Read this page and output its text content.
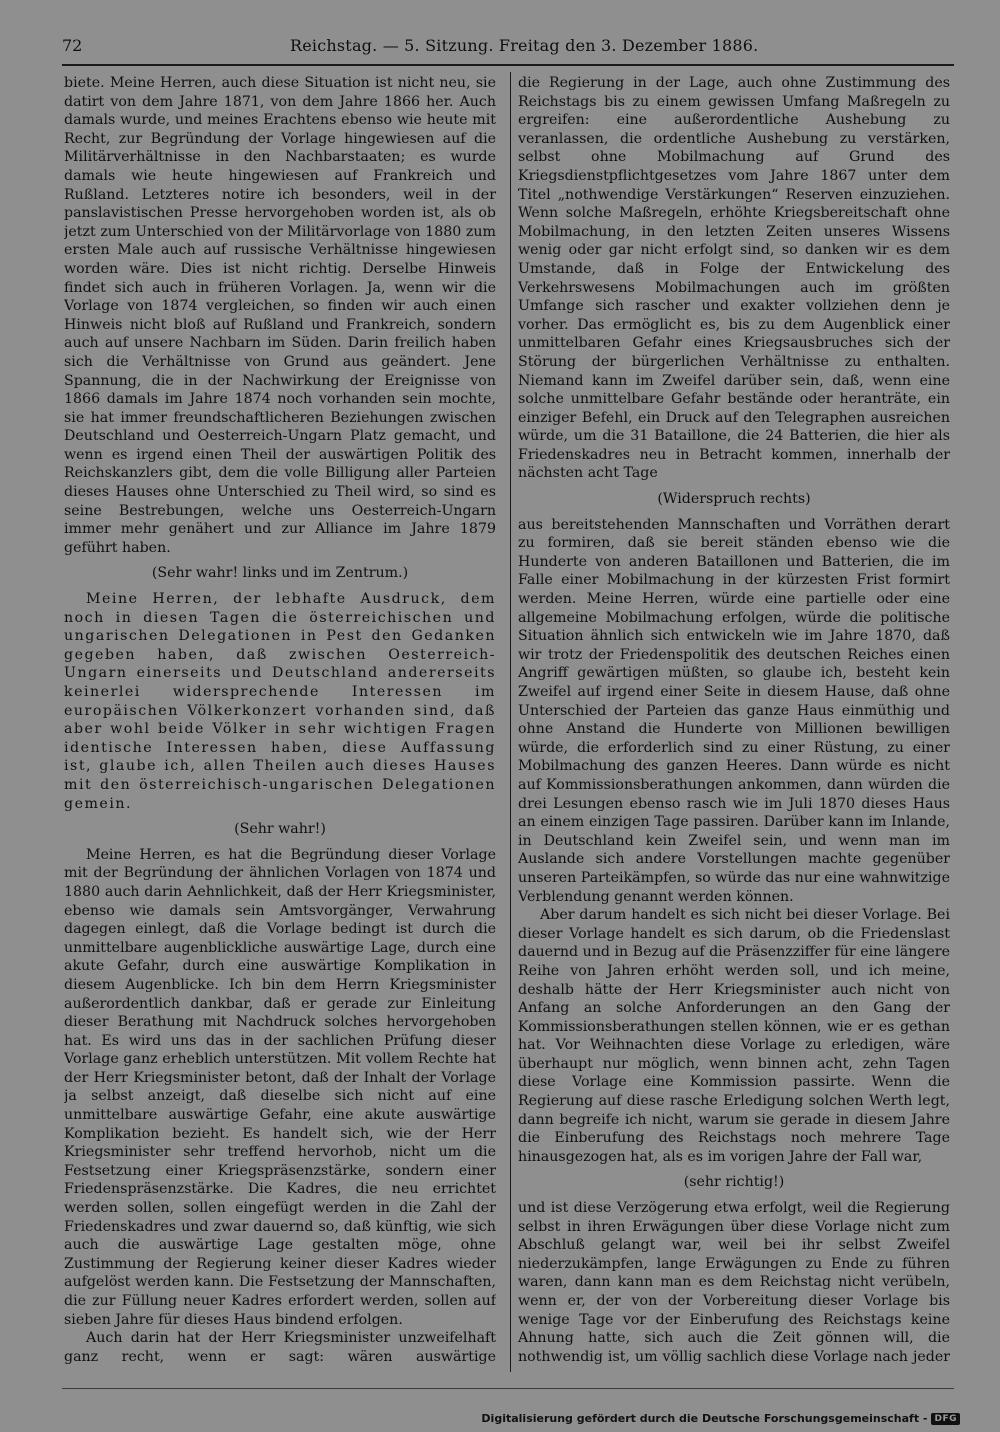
72	Reichstag. — 5. Sitzung. Freitag den 3. Dezember 1886.

biete. Meine Herren, auch diese Situation ist nicht neu, sie datirt von dem Jahre 1871, von dem Jahre 1866 her. Auch damals wurde, und meines Erachtens ebenso wie heute mit Recht, zur Begründung der Vorlage hingewiesen auf die Militärverhältnisse in den Nachbarstaaten; es wurde damals wie heute hingewiesen auf Frankreich und Rußland. Letzteres notire ich besonders, weil in der panslavistischen Presse hervorgehoben worden ist, als ob jetzt zum Unterschied von der Militärvorlage von 1880 zum ersten Male auch auf russische Verhältnisse hingewiesen worden wäre. Dies ist nicht richtig. Derselbe Hinweis findet sich auch in früheren Vorlagen. Ja, wenn wir die Vorlage von 1874 vergleichen, so finden wir auch einen Hinweis nicht bloß auf Rußland und Frankreich, sondern auch auf unsere Nachbarn im Süden. Darin freilich haben sich die Verhältnisse von Grund aus geändert. Jene Spannung, die in der Nachwirkung der Ereignisse von 1866 damals im Jahre 1874 noch vorhanden sein mochte, sie hat immer freundschaftlicheren Beziehungen zwischen Deutschland und Oesterreich-Ungarn Platz gemacht, und wenn es irgend einen Theil der auswärtigen Politik des Reichskanzlers gibt, dem die volle Billigung aller Parteien dieses Hauses ohne Unterschied zu Theil wird, so sind es seine Bestrebungen, welche uns Oesterreich-Ungarn immer mehr genähert und zur Alliance im Jahre 1879 geführt haben.

(Sehr wahr! links und im Zentrum.)

Meine Herren, der lebhafte Ausdruck, dem noch in diesen Tagen die österreichischen und ungarischen Delegationen in Pest den Gedanken gegeben haben, daß zwischen Oesterreich-Ungarn einerseits und Deutschland andererseits keinerlei widersprechende Interessen im europäischen Völkerkonzert vorhanden sind, daß aber wohl beide Völker in sehr wichtigen Fragen identische Interessen haben, diese Auffassung ist, glaube ich, allen Theilen auch dieses Hauses mit den österreichisch-ungarischen Delegationen gemein.

(Sehr wahr!)

Meine Herren, es hat die Begründung dieser Vorlage mit der Begründung der ähnlichen Vorlagen von 1874 und 1880 auch darin Aehnlichkeit, daß der Herr Kriegsminister, ebenso wie damals sein Amtsvorgänger, Verwahrung dagegen einlegt, daß die Vorlage bedingt ist durch die unmittelbare augenblickliche auswärtige Lage, durch eine akute Gefahr, durch eine auswärtige Komplikation in diesem Augenblicke. Ich bin dem Herrn Kriegsminister außerordentlich dankbar, daß er gerade zur Einleitung dieser Berathung mit Nachdruck solches hervorgehoben hat. Es wird uns das in der sachlichen Prüfung dieser Vorlage ganz erheblich unterstützen. Mit vollem Rechte hat der Herr Kriegsminister betont, daß der Inhalt der Vorlage ja selbst anzeigt, daß dieselbe sich nicht auf eine unmittelbare auswärtige Gefahr, eine akute auswärtige Komplikation bezieht. Es handelt sich, wie der Herr Kriegsminister sehr treffend hervorhob, nicht um die Festsetzung einer Kriegspräsenzstärke, sondern einer Friedenspräsenzstärke. Die Kadres, die neu errichtet werden sollen, sollen eingefügt werden in die Zahl der Friedenskadres und zwar dauernd so, daß künftig, wie sich auch die auswärtige Lage gestalten möge, ohne Zustimmung der Regierung keiner dieser Kadres wieder aufgelöst werden kann. Die Festsetzung der Mannschaften, die zur Füllung neuer Kadres erfordert werden, sollen auf sieben Jahre für dieses Haus bindend erfolgen.

Auch darin hat der Herr Kriegsminister unzweifelhaft ganz recht, wenn er sagt: wären auswärtige

die Regierung in der Lage, auch ohne Zustimmung des Reichstags bis zu einem gewissen Umfang Maßregeln zu ergreifen: eine außerordentliche Aushebung zu veranlassen, die ordentliche Aushebung zu verstärken, selbst ohne Mobilmachung auf Grund des Kriegsdienstpflichtgesetzes vom Jahre 1867 unter dem Titel „nothwendige Verstärkungen“ Reserven einzuziehen. Wenn solche Maßregeln, erhöhte Kriegsbereitschaft ohne Mobilmachung, in den letzten Zeiten unseres Wissens wenig oder gar nicht erfolgt sind, so danken wir es dem Umstande, daß in Folge der Entwickelung des Verkehrswesens Mobilmachungen auch im größten Umfange sich rascher und exakter vollziehen denn je vorher. Das ermöglicht es, bis zu dem Augenblick einer unmittelbaren Gefahr eines Kriegsausbruches sich der Störung der bürgerlichen Verhältnisse zu enthalten. Niemand kann im Zweifel darüber sein, daß, wenn eine solche unmittelbare Gefahr bestände oder heranträte, ein einziger Befehl, ein Druck auf den Telegraphen ausreichen würde, um die 31 Bataillone, die 24 Batterien, die hier als Friedenskadres neu in Betracht kommen, innerhalb der nächsten acht Tage

(Widerspruch rechts)

aus bereitstehenden Mannschaften und Vorräthen derart zu formiren, daß sie bereit ständen ebenso wie die Hunderte von anderen Bataillonen und Batterien, die im Falle einer Mobilmachung in der kürzesten Frist formirt werden. Meine Herren, würde eine partielle oder eine allgemeine Mobilmachung erfolgen, würde die politische Situation ähnlich sich entwickeln wie im Jahre 1870, daß wir trotz der Friedenspolitik des deutschen Reiches einen Angriff gewärtigen müßten, so glaube ich, besteht kein Zweifel auf irgend einer Seite in diesem Hause, daß ohne Unterschied der Parteien das ganze Haus einmüthig und ohne Anstand die Hunderte von Millionen bewilligen würde, die erforderlich sind zu einer Rüstung, zu einer Mobilmachung des ganzen Heeres. Dann würde es nicht auf Kommissionsberathungen ankommen, dann würden die drei Lesungen ebenso rasch wie im Juli 1870 dieses Haus an einem einzigen Tage passiren. Darüber kann im Inlande, in Deutschland kein Zweifel sein, und wenn man im Auslande sich andere Vorstellungen machte gegenüber unseren Parteikämpfen, so würde das nur eine wahnwitzige Verblendung genannt werden können.

Aber darum handelt es sich nicht bei dieser Vorlage. Bei dieser Vorlage handelt es sich darum, ob die Friedenslast dauernd und in Bezug auf die Präsenzziffer für eine längere Reihe von Jahren erhöht werden soll, und ich meine, deshalb hätte der Herr Kriegsminister auch nicht von Anfang an solche Anforderungen an den Gang der Kommissionsberathungen stellen können, wie er es gethan hat. Vor Weihnachten diese Vorlage zu erledigen, wäre überhaupt nur möglich, wenn binnen acht, zehn Tagen diese Vorlage eine Kommission passirte. Wenn die Regierung auf diese rasche Erledigung solchen Werth legt, dann begreife ich nicht, warum sie gerade in diesem Jahre die Einberufung des Reichstags noch mehrere Tage hinausgezogen hat, als es im vorigen Jahre der Fall war,

(sehr richtig!)

und ist diese Verzögerung etwa erfolgt, weil die Regierung selbst in ihren Erwägungen über diese Vorlage nicht zum Abschluß gelangt war, weil bei ihr selbst Zweifel niederzukämpfen, lange Erwägungen zu Ende zu führen waren, dann kann man es dem Reichstag nicht verübeln, wenn er, der von der Vorbereitung dieser Vorlage bis wenige Tage vor der Einberufung des Reichstags keine Ahnung hatte, sich auch die Zeit gönnen will, die nothwendig ist, um völlig sachlich diese Vorlage nach jeder

Digitalisierung gefördert durch die Deutsche Forschungsgemeinschaft - DFG
